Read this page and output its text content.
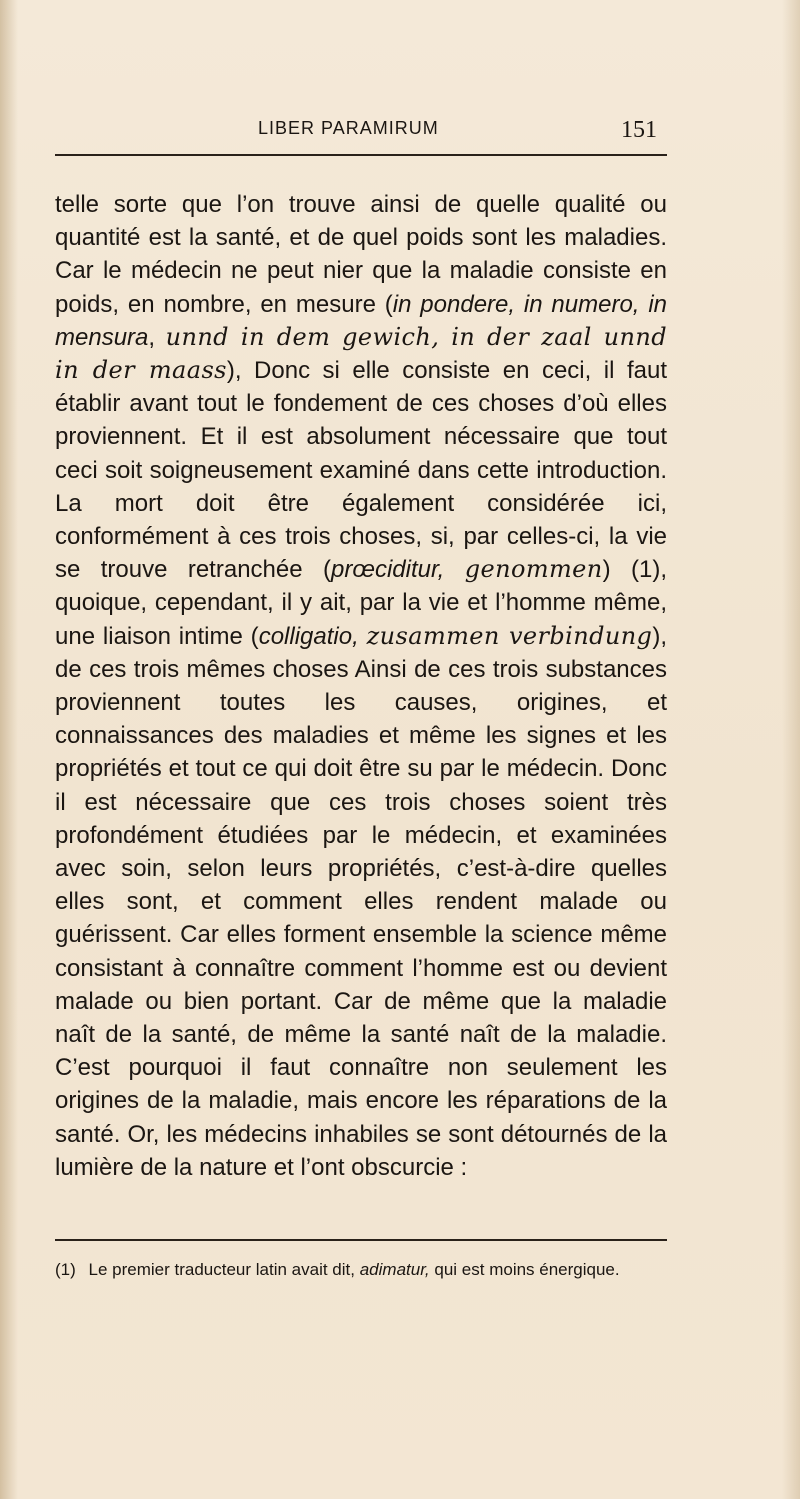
LIBER PARAMIRUM	151

telle sorte que l’on trouve ainsi de quelle qualité ou quantité est la santé, et de quel poids sont les maladies. Car le médecin ne peut nier que la maladie consiste en poids, en nombre, en mesure (in pondere, in numero, in mensura, unnd in dem gewich, in der zaal unnd in der maass), Donc si elle consiste en ceci, il faut établir avant tout le fondement de ces choses d’où elles proviennent. Et il est absolument nécessaire que tout ceci soit soigneusement examiné dans cette introduction. La mort doit être également considérée ici, conformément à ces trois choses, si, par celles-ci, la vie se trouve retranchée (prœciditur, genommen) (1), quoique, cependant, il y ait, par la vie et l’homme même, une liaison intime (colligatio, zusammen verbindung), de ces trois mêmes choses Ainsi de ces trois substances proviennent toutes les causes, origines, et connaissances des maladies et même les signes et les propriétés et tout ce qui doit être su par le médecin. Donc il est nécessaire que ces trois choses soient très profondément étudiées par le médecin, et examinées avec soin, selon leurs propriétés, c’est-à-dire quelles elles sont, et comment elles rendent malade ou guérissent. Car elles forment ensemble la science même consistant à connaître comment l’homme est ou devient malade ou bien portant. Car de même que la maladie naît de la santé, de même la santé naît de la maladie. C’est pourquoi il faut connaître non seulement les origines de la maladie, mais encore les réparations de la santé. Or, les médecins inhabiles se sont détournés de la lumière de la nature et l’ont obscurcie :

(1) Le premier traducteur latin avait dit, adimatur, qui est moins énergique.
